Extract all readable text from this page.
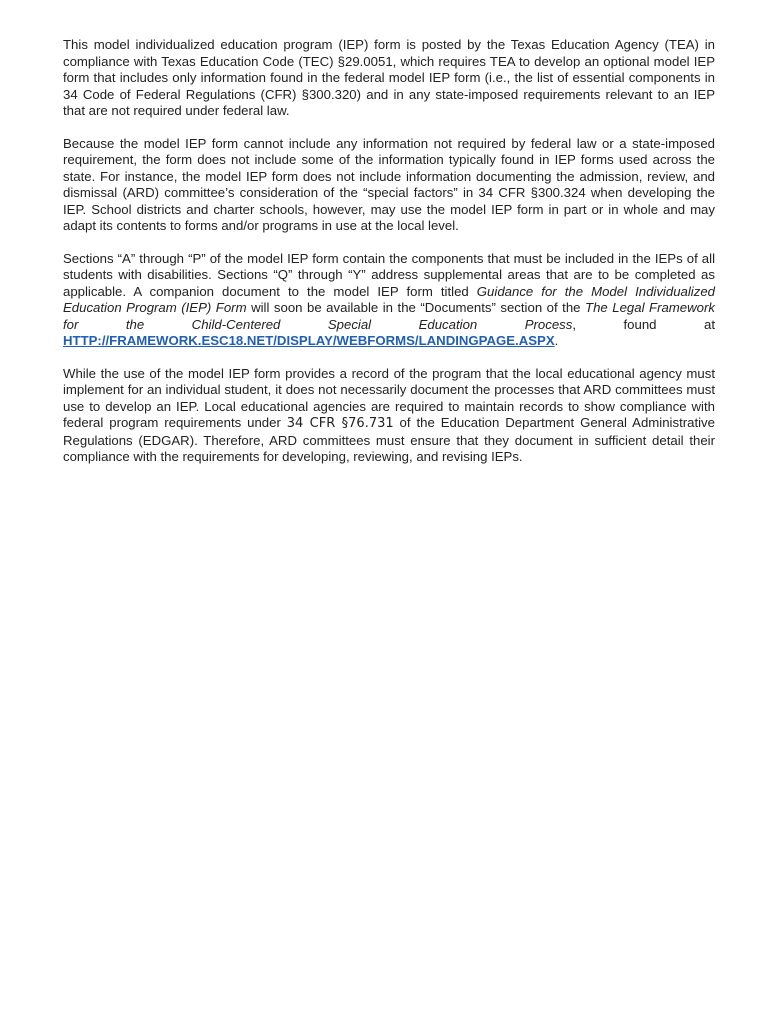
This model individualized education program (IEP) form is posted by the Texas Education Agency (TEA) in compliance with Texas Education Code (TEC) §29.0051, which requires TEA to develop an optional model IEP form that includes only information found in the federal model IEP form (i.e., the list of essential components in 34 Code of Federal Regulations (CFR) §300.320) and in any state-imposed requirements relevant to an IEP that are not required under federal law.

Because the model IEP form cannot include any information not required by federal law or a state-imposed requirement, the form does not include some of the information typically found in IEP forms used across the state. For instance, the model IEP form does not include information documenting the admission, review, and dismissal (ARD) committee’s consideration of the “special factors” in 34 CFR §300.324 when developing the IEP. School districts and charter schools, however, may use the model IEP form in part or in whole and may adapt its contents to forms and/or programs in use at the local level.

Sections “A” through “P” of the model IEP form contain the components that must be included in the IEPs of all students with disabilities. Sections “Q” through “Y” address supplemental areas that are to be completed as applicable. A companion document to the model IEP form titled Guidance for the Model Individualized Education Program (IEP) Form will soon be available in the “Documents” section of the The Legal Framework for the Child-Centered Special Education Process, found at HTTP://FRAMEWORK.ESC18.NET/DISPLAY/WEBFORMS/LANDINGPAGE.ASPX.

While the use of the model IEP form provides a record of the program that the local educational agency must implement for an individual student, it does not necessarily document the processes that ARD committees must use to develop an IEP. Local educational agencies are required to maintain records to show compliance with federal program requirements under 34 CFR §76.731 of the Education Department General Administrative Regulations (EDGAR). Therefore, ARD committees must ensure that they document in sufficient detail their compliance with the requirements for developing, reviewing, and revising IEPs.
